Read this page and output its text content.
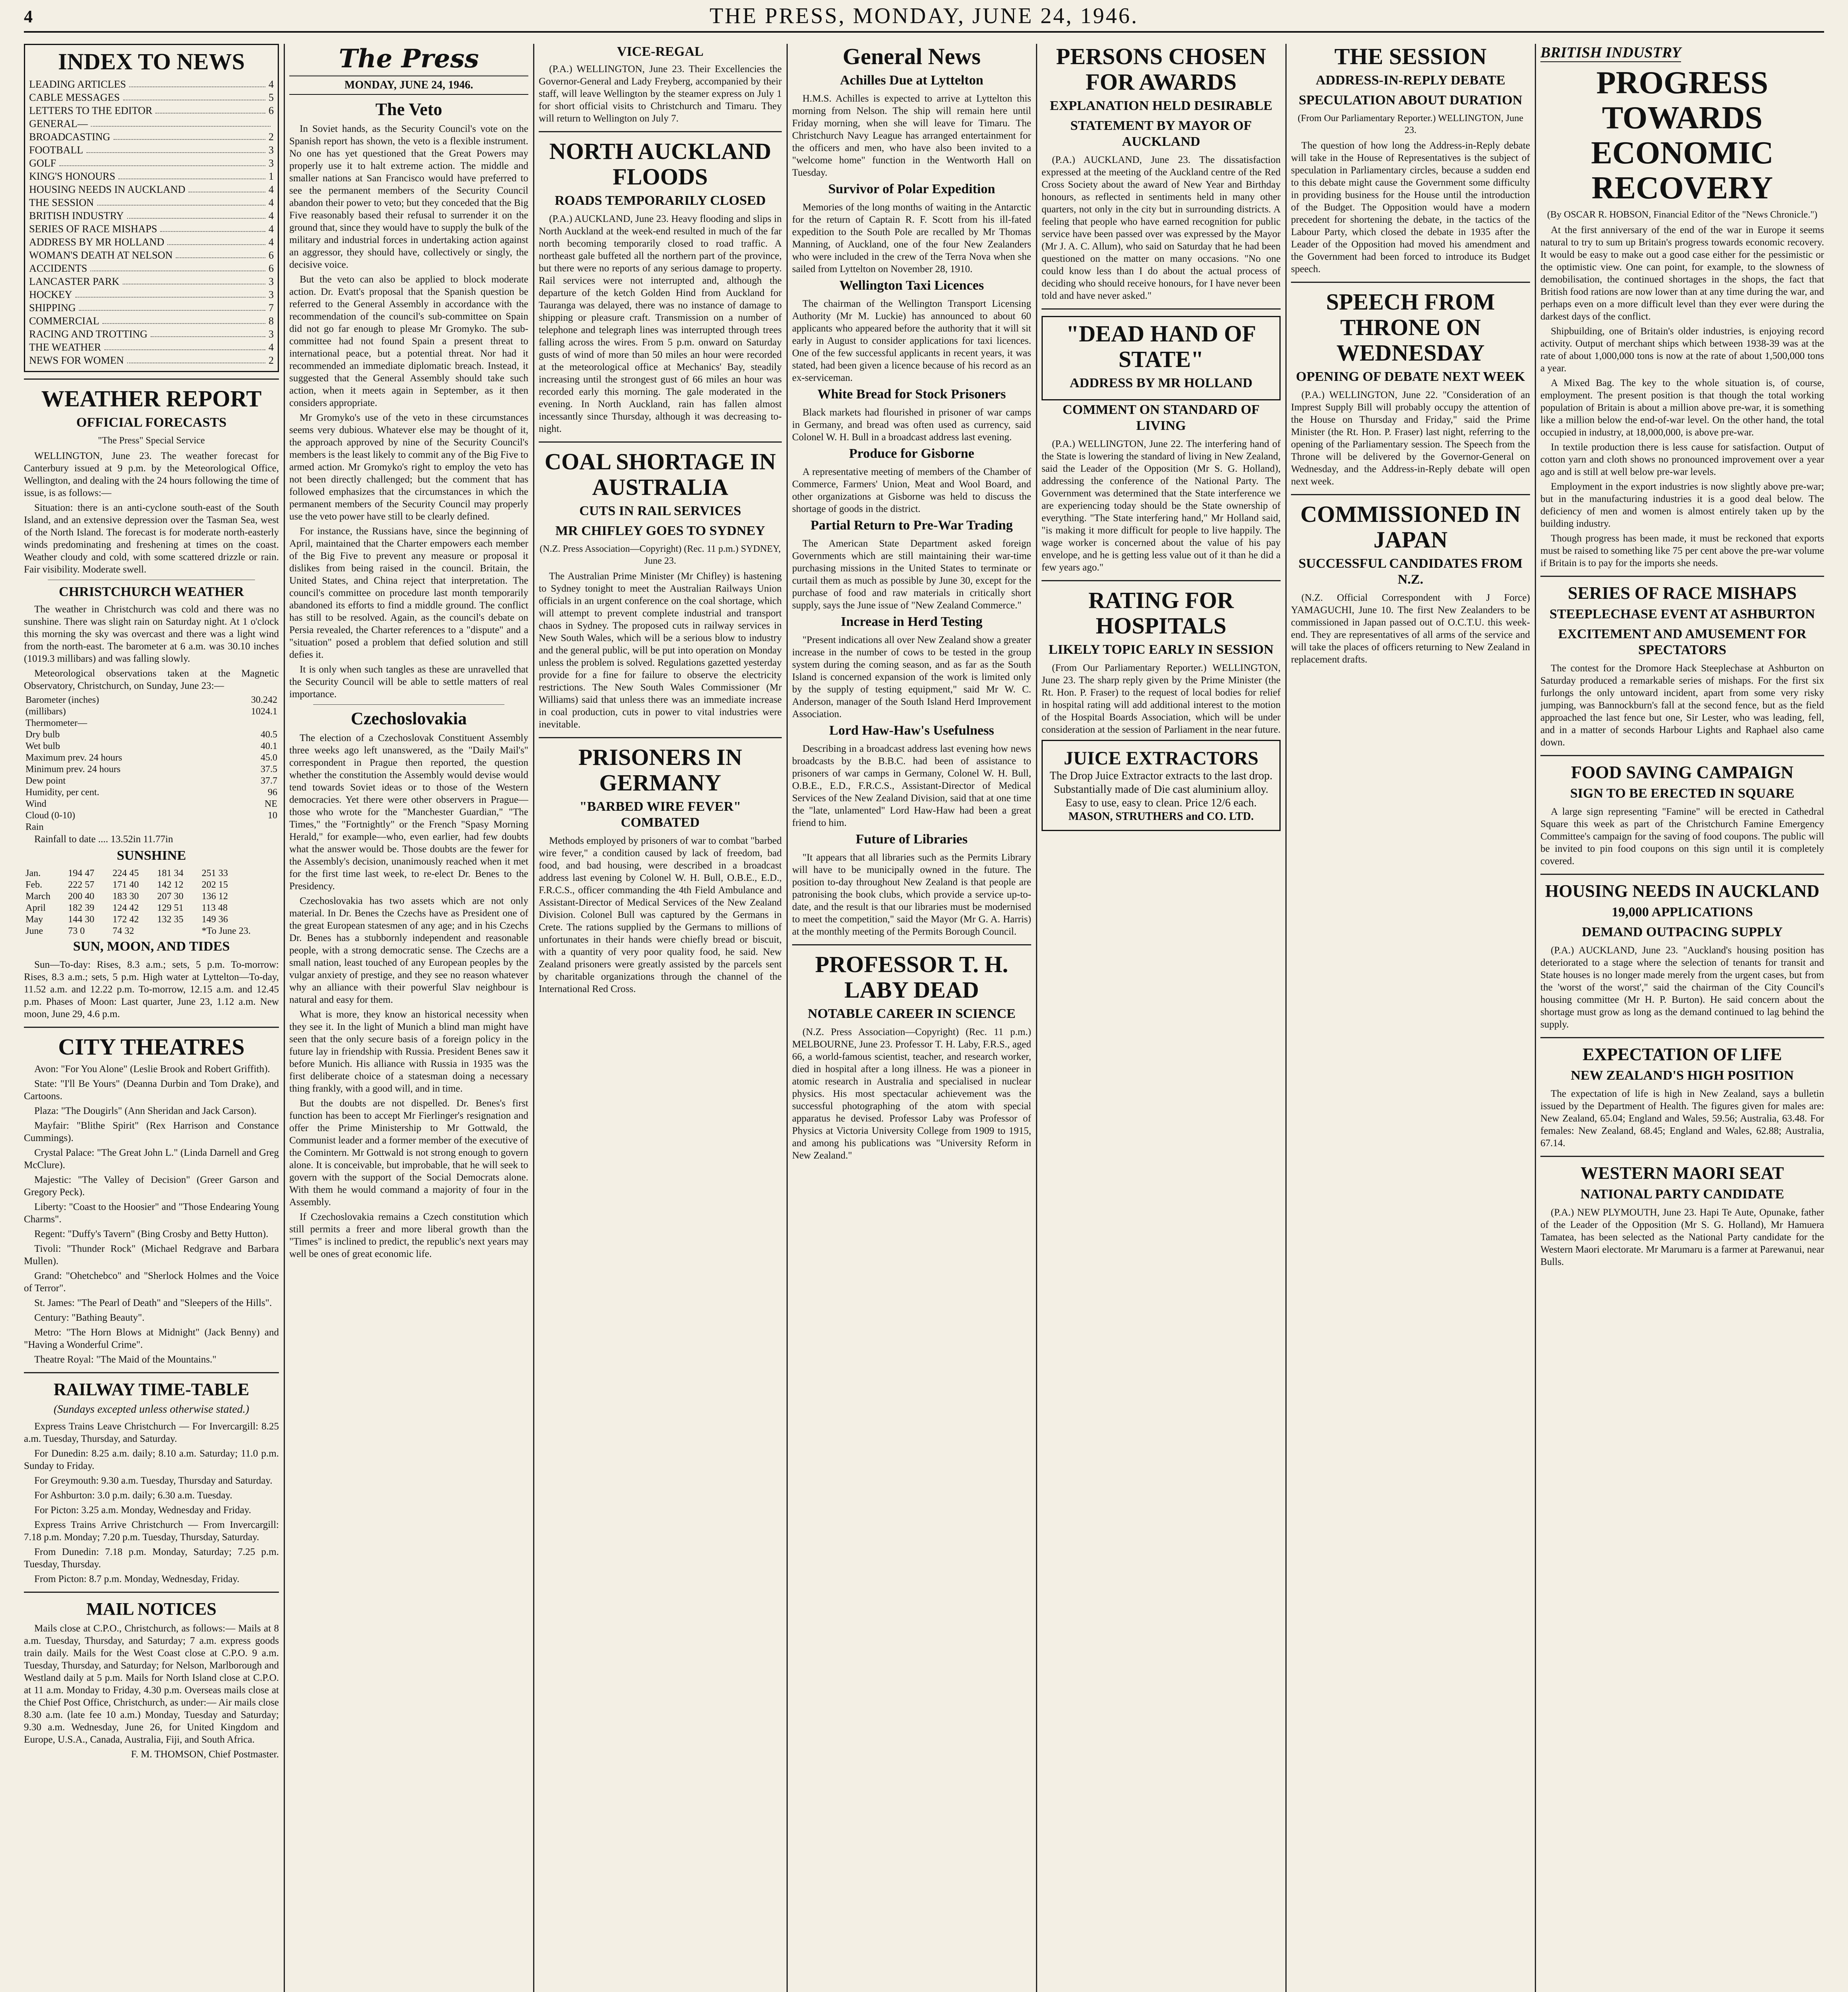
4	THE PRESS, MONDAY, JUNE 24, 1946.
INDEX TO NEWS
LEADING ARTICLES	4
CABLE MESSAGES	5
LETTERS TO THE EDITOR	6
GENERAL—
BROADCASTING	2
FOOTBALL	3
GOLF	3
KING'S HONOURS	1
HOUSING NEEDS IN AUCKLAND	4
THE SESSION	4
BRITISH INDUSTRY	4
SERIES OF RACE MISHAPS	4
ADDRESS BY MR HOLLAND	4
WOMAN'S DEATH AT NELSON	6
ACCIDENTS	6
LANCASTER PARK	3
HOCKEY	3
SHIPPING	7
COMMERCIAL	8
RACING AND TROTTING	3
THE WEATHER	4
NEWS FOR WOMEN	2
WEATHER REPORT
OFFICIAL FORECASTS
"The Press" Special Service

WELLINGTON, June 23. The weather forecast for Canterbury issued at 9 p.m. by the Meteorological Office, Wellington, and dealing with the 24 hours following the time of issue, is as follows:—

Situation: there is an anti-cyclone south-east of the South Island, and an extensive depression over the Tasman Sea, west of the North Island. The forecast is for moderate north-easterly winds predominating and freshening at times on the coast. Weather cloudy and cold, with some scattered drizzle or rain. Fair visibility. Moderate swell.

CHRISTCHURCH WEATHER

The weather in Christchurch was cold and there was no sunshine. There was slight rain on Saturday night. At 1 o'clock this morning the sky was overcast and there was a light wind from the north-east. The barometer at 6 a.m. was 30.10 inches (1019.3 millibars) and was falling slowly.

Meteorological observations taken at the Magnetic Observatory, Christchurch, on Sunday, June 23:—

Barometer (inches)	30.242
(millibars)	1024.1
Thermometer—	
Dry bulb	40.5
Wet bulb	40.1
Maximum prev. 24 hours	45.0
Minimum prev. 24 hours	37.5
Dew point	37.7
Humidity, per cent.	96
Wind	NE
Cloud (0-10)	10
Rain	

Rainfall to date .... 13.52in 11.77in

SUNSHINE
Jan.	194 47	224 45	181 34	251 33
Feb.	222 57	171 40	142 12	202 15
March	200 40	183 30	207 30	136 12
April	182 39	124 42	129 51	113 48
May	144 30	172 42	132 35	149 36
June	73 0	74 32		*To June 23.
SUN, MOON, AND TIDES

Sun—To-day: Rises, 8.3 a.m.; sets, 5 p.m. To-morrow: Rises, 8.3 a.m.; sets, 5 p.m. High water at Lyttelton—To-day, 11.52 a.m. and 12.22 p.m. To-morrow, 12.15 a.m. and 12.45 p.m. Phases of Moon: Last quarter, June 23, 1.12 a.m. New moon, June 29, 4.6 p.m.

CITY THEATRES

Avon: "For You Alone" (Leslie Brook and Robert Griffith).

State: "I'll Be Yours" (Deanna Durbin and Tom Drake), and Cartoons.

Plaza: "The Dougirls" (Ann Sheridan and Jack Carson).

Mayfair: "Blithe Spirit" (Rex Harrison and Constance Cummings).

Crystal Palace: "The Great John L." (Linda Darnell and Greg McClure).

Majestic: "The Valley of Decision" (Greer Garson and Gregory Peck).

Liberty: "Coast to the Hoosier" and "Those Endearing Young Charms".

Regent: "Duffy's Tavern" (Bing Crosby and Betty Hutton).

Tivoli: "Thunder Rock" (Michael Redgrave and Barbara Mullen).

Grand: "Ohetchebco" and "Sherlock Holmes and the Voice of Terror".

St. James: "The Pearl of Death" and "Sleepers of the Hills".

Century: "Bathing Beauty".

Metro: "The Horn Blows at Midnight" (Jack Benny) and "Having a Wonderful Crime".

Theatre Royal: "The Maid of the Mountains."

RAILWAY TIME-TABLE
(Sundays excepted unless otherwise stated.)

Express Trains Leave Christchurch — For Invercargill: 8.25 a.m. Tuesday, Thursday, and Saturday.

For Dunedin: 8.25 a.m. daily; 8.10 a.m. Saturday; 11.0 p.m. Sunday to Friday.

For Greymouth: 9.30 a.m. Tuesday, Thursday and Saturday.

For Ashburton: 3.0 p.m. daily; 6.30 a.m. Tuesday.

For Picton: 3.25 a.m. Monday, Wednesday and Friday.

Express Trains Arrive Christchurch — From Invercargill: 7.18 p.m. Monday; 7.20 p.m. Tuesday, Thursday, Saturday.

From Dunedin: 7.18 p.m. Monday, Saturday; 7.25 p.m. Tuesday, Thursday.

From Picton: 8.7 p.m. Monday, Wednesday, Friday.

MAIL NOTICES

Mails close at C.P.O., Christchurch, as follows:— Mails at 8 a.m. Tuesday, Thursday, and Saturday; 7 a.m. express goods train daily. Mails for the West Coast close at C.P.O. 9 a.m. Tuesday, Thursday, and Saturday; for Nelson, Marlborough and Westland daily at 5 p.m. Mails for North Island close at C.P.O. at 11 a.m. Monday to Friday, 4.30 p.m. Overseas mails close at the Chief Post Office, Christchurch, as under:— Air mails close 8.30 a.m. (late fee 10 a.m.) Monday, Tuesday and Saturday; 9.30 a.m. Wednesday, June 26, for United Kingdom and Europe, U.S.A., Canada, Australia, Fiji, and South Africa.

F. M. THOMSON, Chief Postmaster.

The Press
MONDAY, JUNE 24, 1946.
The Veto

In Soviet hands, as the Security Council's vote on the Spanish report has shown, the veto is a flexible instrument. No one has yet questioned that the Great Powers may properly use it to halt extreme action. The middle and smaller nations at San Francisco would have preferred to see the permanent members of the Security Council abandon their power to veto; but they conceded that the Big Five reasonably based their refusal to surrender it on the ground that, since they would have to supply the bulk of the military and industrial forces in undertaking action against an aggressor, they should have, collectively or singly, the decisive voice.

But the veto can also be applied to block moderate action. Dr. Evatt's proposal that the Spanish question be referred to the General Assembly in accordance with the recommendation of the council's sub-committee on Spain did not go far enough to please Mr Gromyko. The sub-committee had not found Spain a present threat to international peace, but a potential threat. Nor had it recommended an immediate diplomatic breach. Instead, it suggested that the General Assembly should take such action, when it meets again in September, as it then considers appropriate.

Mr Gromyko's use of the veto in these circumstances seems very dubious. Whatever else may be thought of it, the approach approved by nine of the Security Council's members is the least likely to commit any of the Big Five to armed action. Mr Gromyko's right to employ the veto has not been directly challenged; but the comment that has followed emphasizes that the circumstances in which the permanent members of the Security Council may properly use the veto power have still to be clearly defined.

For instance, the Russians have, since the beginning of April, maintained that the Charter empowers each member of the Big Five to prevent any measure or proposal it dislikes from being raised in the council. Britain, the United States, and China reject that interpretation. The council's committee on procedure last month temporarily abandoned its efforts to find a middle ground. The conflict has still to be resolved. Again, as the council's debate on Persia revealed, the Charter references to a "dispute" and a "situation" posed a problem that defied solution and still defies it.

It is only when such tangles as these are unravelled that the Security Council will be able to settle matters of real importance.

Czechoslovakia

The election of a Czechoslovak Constituent Assembly three weeks ago left unanswered, as the "Daily Mail's" correspondent in Prague then reported, the question whether the constitution the Assembly would devise would tend towards Soviet ideas or to those of the Western democracies. Yet there were other observers in Prague—those who wrote for the "Manchester Guardian," "The Times," the "Fortnightly" or the French "Spasy Morning Herald," for example—who, even earlier, had few doubts what the answer would be. Those doubts are the fewer for the Assembly's decision, unanimously reached when it met for the first time last week, to re-elect Dr. Benes to the Presidency.

Czechoslovakia has two assets which are not only material. In Dr. Benes the Czechs have as President one of the great European statesmen of any age; and in his Czechs Dr. Benes has a stubbornly independent and reasonable people, with a strong democratic sense. The Czechs are a small nation, least touched of any European peoples by the vulgar anxiety of prestige, and they see no reason whatever why an alliance with their powerful Slav neighbour is natural and easy for them.

What is more, they know an historical necessity when they see it. In the light of Munich a blind man might have seen that the only secure basis of a foreign policy in the future lay in friendship with Russia. President Benes saw it before Munich. His alliance with Russia in 1935 was the first deliberate choice of a statesman doing a necessary thing frankly, with a good will, and in time.

But the doubts are not dispelled. Dr. Benes's first function has been to accept Mr Fierlinger's resignation and offer the Prime Ministership to Mr Gottwald, the Communist leader and a former member of the executive of the Comintern. Mr Gottwald is not strong enough to govern alone. It is conceivable, but improbable, that he will seek to govern with the support of the Social Democrats alone. With them he would command a majority of four in the Assembly.

If Czechoslovakia remains a Czech constitution which still permits a freer and more liberal growth than the "Times" is inclined to predict, the republic's next years may well be ones of great economic life.

VICE-REGAL

(P.A.) WELLINGTON, June 23. Their Excellencies the Governor-General and Lady Freyberg, accompanied by their staff, will leave Wellington by the steamer express on July 1 for short official visits to Christchurch and Timaru. They will return to Wellington on July 7.

NORTH AUCKLAND FLOODS
ROADS TEMPORARILY CLOSED

(P.A.) AUCKLAND, June 23. Heavy flooding and slips in North Auckland at the week-end resulted in much of the far north becoming temporarily closed to road traffic. A northeast gale buffeted all the northern part of the province, but there were no reports of any serious damage to property. Rail services were not interrupted and, although the departure of the ketch Golden Hind from Auckland for Tauranga was delayed, there was no instance of damage to shipping or pleasure craft. Transmission on a number of telephone and telegraph lines was interrupted through trees falling across the wires. From 5 p.m. onward on Saturday gusts of wind of more than 50 miles an hour were recorded at the meteorological office at Mechanics' Bay, steadily increasing until the strongest gust of 66 miles an hour was recorded early this morning. The gale moderated in the evening. In North Auckland, rain has fallen almost incessantly since Thursday, although it was decreasing to-night.

COAL SHORTAGE IN AUSTRALIA
CUTS IN RAIL SERVICES
MR CHIFLEY GOES TO SYDNEY
(N.Z. Press Association—Copyright) (Rec. 11 p.m.) SYDNEY, June 23.

The Australian Prime Minister (Mr Chifley) is hastening to Sydney tonight to meet the Australian Railways Union officials in an urgent conference on the coal shortage, which will attempt to prevent complete industrial and transport chaos in Sydney. The proposed cuts in railway services in New South Wales, which will be a serious blow to industry and the general public, will be put into operation on Monday unless the problem is solved. Regulations gazetted yesterday provide for a fine for failure to observe the electricity restrictions. The New South Wales Commissioner (Mr Williams) said that unless there was an immediate increase in coal production, cuts in power to vital industries were inevitable.

PRISONERS IN GERMANY
"BARBED WIRE FEVER" COMBATED

Methods employed by prisoners of war to combat "barbed wire fever," a condition caused by lack of freedom, bad food, and bad housing, were described in a broadcast address last evening by Colonel W. H. Bull, O.B.E., E.D., F.R.C.S., officer commanding the 4th Field Ambulance and Assistant-Director of Medical Services of the New Zealand Division. Colonel Bull was captured by the Germans in Crete. The rations supplied by the Germans to millions of unfortunates in their hands were chiefly bread or biscuit, with a quantity of very poor quality food, he said. New Zealand prisoners were greatly assisted by the parcels sent by charitable organizations through the channel of the International Red Cross.

General News
Achilles Due at Lyttelton

H.M.S. Achilles is expected to arrive at Lyttelton this morning from Nelson. The ship will remain here until Friday morning, when she will leave for Timaru. The Christchurch Navy League has arranged entertainment for the officers and men, who have also been invited to a "welcome home" function in the Wentworth Hall on Tuesday.

Survivor of Polar Expedition

Memories of the long months of waiting in the Antarctic for the return of Captain R. F. Scott from his ill-fated expedition to the South Pole are recalled by Mr Thomas Manning, of Auckland, one of the four New Zealanders who were included in the crew of the Terra Nova when she sailed from Lyttelton on November 28, 1910.

Wellington Taxi Licences

The chairman of the Wellington Transport Licensing Authority (Mr M. Luckie) has announced to about 60 applicants who appeared before the authority that it will sit early in August to consider applications for taxi licences. One of the few successful applicants in recent years, it was stated, had been given a licence because of his record as an ex-serviceman.

White Bread for Stock Prisoners

Black markets had flourished in prisoner of war camps in Germany, and bread was often used as currency, said Colonel W. H. Bull in a broadcast address last evening.

Produce for Gisborne

A representative meeting of members of the Chamber of Commerce, Farmers' Union, Meat and Wool Board, and other organizations at Gisborne was held to discuss the shortage of goods in the district.

Partial Return to Pre-War Trading

The American State Department asked foreign Governments which are still maintaining their war-time purchasing missions in the United States to terminate or curtail them as much as possible by June 30, except for the purchase of food and raw materials in critically short supply, says the June issue of "New Zealand Commerce."

Increase in Herd Testing

"Present indications all over New Zealand show a greater increase in the number of cows to be tested in the group system during the coming season, and as far as the South Island is concerned expansion of the work is limited only by the supply of testing equipment," said Mr W. C. Anderson, manager of the South Island Herd Improvement Association.

Lord Haw-Haw's Usefulness

Describing in a broadcast address last evening how news broadcasts by the B.B.C. had been of assistance to prisoners of war camps in Germany, Colonel W. H. Bull, O.B.E., E.D., F.R.C.S., Assistant-Director of Medical Services of the New Zealand Division, said that at one time the "late, unlamented" Lord Haw-Haw had been a great friend to him.

Future of Libraries

"It appears that all libraries such as the Permits Library will have to be municipally owned in the future. The position to-day throughout New Zealand is that people are patronising the book clubs, which provide a service up-to-date, and the result is that our libraries must be modernised to meet the competition," said the Mayor (Mr G. A. Harris) at the monthly meeting of the Permits Borough Council.

PROFESSOR T. H. LABY DEAD
NOTABLE CAREER IN SCIENCE

(N.Z. Press Association—Copyright) (Rec. 11 p.m.) MELBOURNE, June 23. Professor T. H. Laby, F.R.S., aged 66, a world-famous scientist, teacher, and research worker, died in hospital after a long illness. He was a pioneer in atomic research in Australia and specialised in nuclear physics. His most spectacular achievement was the successful photographing of the atom with special apparatus he devised. Professor Laby was Professor of Physics at Victoria University College from 1909 to 1915, and among his publications was "University Reform in New Zealand."

PERSONS CHOSEN FOR AWARDS
EXPLANATION HELD DESIRABLE
STATEMENT BY MAYOR OF AUCKLAND

(P.A.) AUCKLAND, June 23. The dissatisfaction expressed at the meeting of the Auckland centre of the Red Cross Society about the award of New Year and Birthday honours, as reflected in sentiments held in many other quarters, not only in the city but in surrounding districts. A feeling that people who have earned recognition for public service have been passed over was expressed by the Mayor (Mr J. A. C. Allum), who said on Saturday that he had been questioned on the matter on many occasions. "No one could know less than I do about the actual process of deciding who should receive honours, for I have never been told and have never asked."

"DEAD HAND OF STATE"
ADDRESS BY MR HOLLAND
COMMENT ON STANDARD OF LIVING

(P.A.) WELLINGTON, June 22. The interfering hand of the State is lowering the standard of living in New Zealand, said the Leader of the Opposition (Mr S. G. Holland), addressing the conference of the National Party. The Government was determined that the State interference we are experiencing today should be the State ownership of everything. "The State interfering hand," Mr Holland said, "is making it more difficult for people to live happily. The wage worker is concerned about the value of his pay envelope, and he is getting less value out of it than he did a few years ago."

RATING FOR HOSPITALS
LIKELY TOPIC EARLY IN SESSION

(From Our Parliamentary Reporter.) WELLINGTON, June 23. The sharp reply given by the Prime Minister (the Rt. Hon. P. Fraser) to the request of local bodies for relief in hospital rating will add additional interest to the motion of the Hospital Boards Association, which will be under consideration at the session of Parliament in the near future.

JUICE EXTRACTORS
The Drop Juice Extractor extracts to the last drop. Substantially made of Die cast aluminium alloy. Easy to use, easy to clean. Price 12/6 each.
MASON, STRUTHERS and CO. LTD.
THE SESSION
ADDRESS-IN-REPLY DEBATE
SPECULATION ABOUT DURATION
(From Our Parliamentary Reporter.) WELLINGTON, June 23.

The question of how long the Address-in-Reply debate will take in the House of Representatives is the subject of speculation in Parliamentary circles, because a sudden end to this debate might cause the Government some difficulty in providing business for the House until the introduction of the Budget. The Opposition would have a modern precedent for shortening the debate, in the tactics of the Labour Party, which closed the debate in 1935 after the Leader of the Opposition had moved his amendment and the Government had been forced to introduce its Budget speech.

SPEECH FROM THRONE ON WEDNESDAY
OPENING OF DEBATE NEXT WEEK

(P.A.) WELLINGTON, June 22. "Consideration of an Imprest Supply Bill will probably occupy the attention of the House on Thursday and Friday," said the Prime Minister (the Rt. Hon. P. Fraser) last night, referring to the opening of the Parliamentary session. The Speech from the Throne will be delivered by the Governor-General on Wednesday, and the Address-in-Reply debate will open next week.

COMMISSIONED IN JAPAN
SUCCESSFUL CANDIDATES FROM N.Z.

(N.Z. Official Correspondent with J Force) YAMAGUCHI, June 10. The first New Zealanders to be commissioned in Japan passed out of O.C.T.U. this week-end. They are representatives of all arms of the service and will take the places of officers returning to New Zealand in replacement drafts.

BRITISH INDUSTRY
PROGRESS TOWARDS ECONOMIC RECOVERY
(By OSCAR R. HOBSON, Financial Editor of the "News Chronicle.")

At the first anniversary of the end of the war in Europe it seems natural to try to sum up Britain's progress towards economic recovery. It would be easy to make out a good case either for the pessimistic or the optimistic view. One can point, for example, to the slowness of demobilisation, the continued shortages in the shops, the fact that British food rations are now lower than at any time during the war, and perhaps even on a more difficult level than they ever were during the darkest days of the conflict.

Shipbuilding, one of Britain's older industries, is enjoying record activity. Output of merchant ships which between 1938-39 was at the rate of about 1,000,000 tons is now at the rate of about 1,500,000 tons a year.

A Mixed Bag. The key to the whole situation is, of course, employment. The present position is that though the total working population of Britain is about a million above pre-war, it is something like a million below the end-of-war level. On the other hand, the total occupied in industry, at 18,000,000, is above pre-war.

In textile production there is less cause for satisfaction. Output of cotton yarn and cloth shows no pronounced improvement over a year ago and is still at well below pre-war levels.

Employment in the export industries is now slightly above pre-war; but in the manufacturing industries it is a good deal below. The deficiency of men and women is almost entirely taken up by the building industry.

Though progress has been made, it must be reckoned that exports must be raised to something like 75 per cent above the pre-war volume if Britain is to pay for the imports she needs.

SERIES OF RACE MISHAPS
STEEPLECHASE EVENT AT ASHBURTON
EXCITEMENT AND AMUSEMENT FOR SPECTATORS

The contest for the Dromore Hack Steeplechase at Ashburton on Saturday produced a remarkable series of mishaps. For the first six furlongs the only untoward incident, apart from some very risky jumping, was Bannockburn's fall at the second fence, but as the field approached the last fence but one, Sir Lester, who was leading, fell, and in a matter of seconds Harbour Lights and Raphael also came down.

FOOD SAVING CAMPAIGN
SIGN TO BE ERECTED IN SQUARE

A large sign representing "Famine" will be erected in Cathedral Square this week as part of the Christchurch Famine Emergency Committee's campaign for the saving of food coupons. The public will be invited to pin food coupons on this sign until it is completely covered.

HOUSING NEEDS IN AUCKLAND
19,000 APPLICATIONS
DEMAND OUTPACING SUPPLY

(P.A.) AUCKLAND, June 23. "Auckland's housing position has deteriorated to a stage where the selection of tenants for transit and State houses is no longer made merely from the urgent cases, but from the 'worst of the worst'," said the chairman of the City Council's housing committee (Mr H. P. Burton). He said concern about the shortage must grow as long as the demand continued to lag behind the supply.

EXPECTATION OF LIFE
NEW ZEALAND'S HIGH POSITION

The expectation of life is high in New Zealand, says a bulletin issued by the Department of Health. The figures given for males are: New Zealand, 65.04; England and Wales, 59.56; Australia, 63.48. For females: New Zealand, 68.45; England and Wales, 62.88; Australia, 67.14.

WESTERN MAORI SEAT
NATIONAL PARTY CANDIDATE

(P.A.) NEW PLYMOUTH, June 23. Hapi Te Aute, Opunake, father of the Leader of the Opposition (Mr S. G. Holland), Mr Hamuera Tamatea, has been selected as the National Party candidate for the Western Maori electorate. Mr Marumaru is a farmer at Parewanui, near Bulls.
